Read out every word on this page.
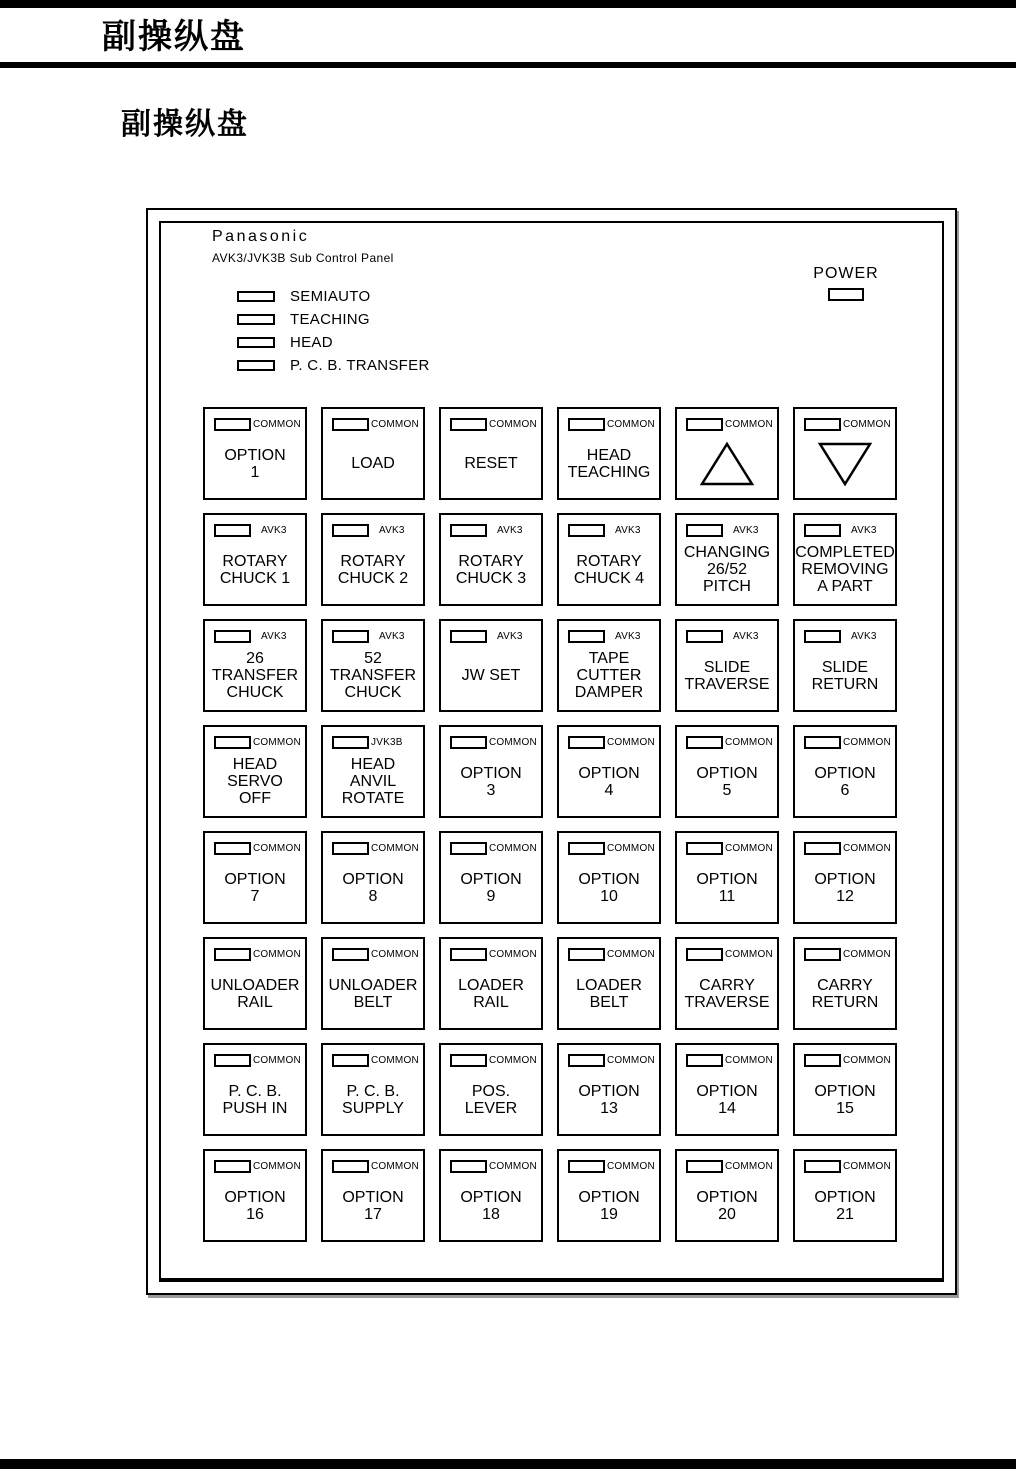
副操纵盘
副操纵盘
Panasonic
AVK3/JVK3B Sub Control Panel
POWER
SEMIAUTO
TEACHING
HEAD
P. C. B. TRANSFER
COMMON
OPTION
1
COMMON
LOAD
COMMON
RESET
COMMON
HEAD
TEACHING
COMMON	COMMON
AVK3
ROTARY
CHUCK 1
AVK3
ROTARY
CHUCK 2
AVK3
ROTARY
CHUCK 3
AVK3
ROTARY
CHUCK 4
AVK3
CHANGING
26/52
PITCH
AVK3
COMPLETED
REMOVING
A PART
AVK3
26
TRANSFER
CHUCK
AVK3
52
TRANSFER
CHUCK
AVK3
JW SET
AVK3
TAPE
CUTTER
DAMPER
AVK3
SLIDE
TRAVERSE
AVK3
SLIDE
RETURN
COMMON
HEAD
SERVO
OFF
JVK3B
HEAD
ANVIL
ROTATE
COMMON
OPTION
3
COMMON
OPTION
4
COMMON
OPTION
5
COMMON
OPTION
6
COMMON
OPTION
7
COMMON
OPTION
8
COMMON
OPTION
9
COMMON
OPTION
10
COMMON
OPTION
11
COMMON
OPTION
12
COMMON
UNLOADER
RAIL
COMMON
UNLOADER
BELT
COMMON
LOADER
RAIL
COMMON
LOADER
BELT
COMMON
CARRY
TRAVERSE
COMMON
CARRY
RETURN
COMMON
P. C. B.
PUSH IN
COMMON
P. C. B.
SUPPLY
COMMON
POS.
LEVER
COMMON
OPTION
13
COMMON
OPTION
14
COMMON
OPTION
15
COMMON
OPTION
16
COMMON
OPTION
17
COMMON
OPTION
18
COMMON
OPTION
19
COMMON
OPTION
20
COMMON
OPTION
21
